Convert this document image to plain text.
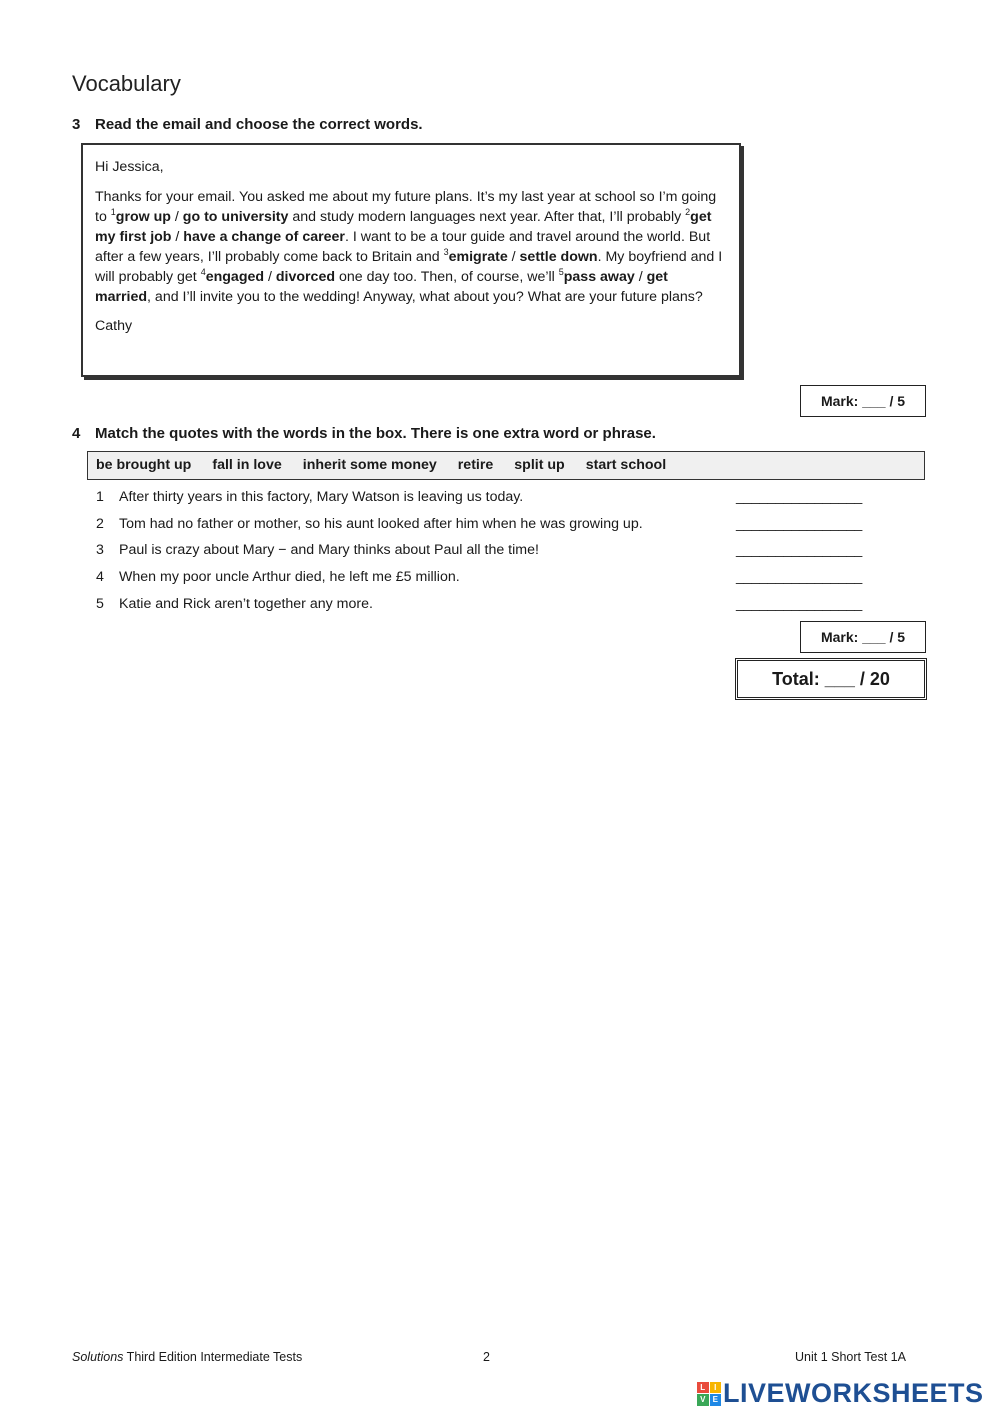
Vocabulary
3 Read the email and choose the correct words.

Hi Jessica,

Thanks for your email. You asked me about my future plans. It’s my last year at school so I’m going to $^1$grow up / go to university and study modern languages next year. After that, I’ll probably $^2$get my first job / have a change of career. I want to be a tour guide and travel around the world. But after a few years, I’ll probably come back to Britain and $^3$emigrate / settle down. My boyfriend and I will probably get $^4$engaged / divorced one day too. Then, of course, we’ll $^5$pass away / get married, and I’ll invite you to the wedding! Anyway, what about you? What are your future plans?

Cathy

Mark: ___ / 5
4 Match the quotes with the words in the box. There is one extra word or phrase.
be brought up fall in love inherit some money retire split up start school
1 After thirty years in this factory, Mary Watson is leaving us today.	________________
2 Tom had no father or mother, so his aunt looked after him when he was growing up.	________________
3 Paul is crazy about Mary − and Mary thinks about Paul all the time!	________________
4 When my poor uncle Arthur died, he left me £5 million.	________________
5 Katie and Rick aren’t together any more.	________________
Mark: ___ / 5
Total: ___ / 20
Solutions Third Edition Intermediate Tests	2	Unit 1 Short Test 1A
L	I
V E LIVEWORKSHEETS
